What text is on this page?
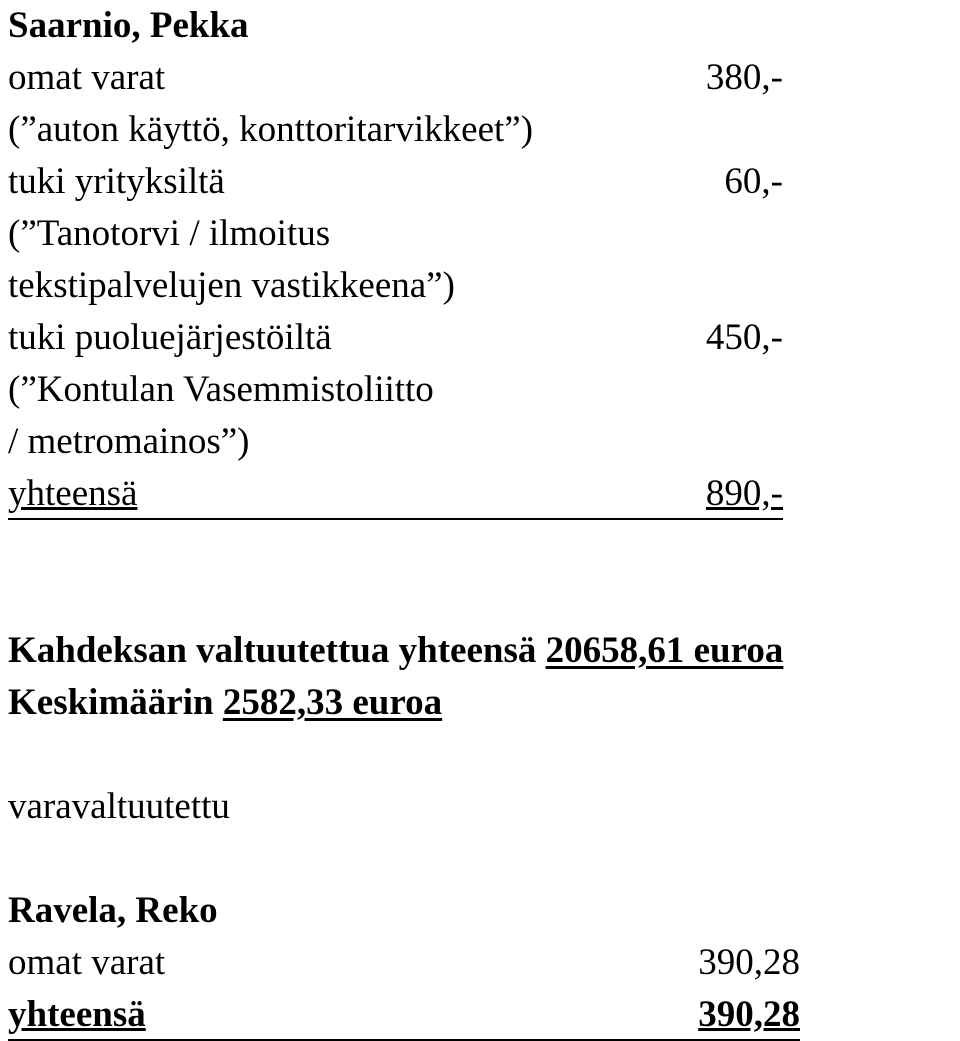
Saarnio, Pekka
omat varat	380,-
(”auton käyttö, konttoritarvikkeet”)
tuki yrityksiltä	60,-
(”Tanotorvi / ilmoitus
tekstipalvelujen vastikkeena”)
tuki puoluejärjestöiltä	450,-
(”Kontulan Vasemmistoliitto
/ metromainos”)
yhteensä	890,-
Kahdeksan valtuutettua yhteensä 20658,61 euroa
Keskimäärin 2582,33 euroa
varavaltuutettu
Ravela, Reko
omat varat	390,28
yhteensä	390,28
